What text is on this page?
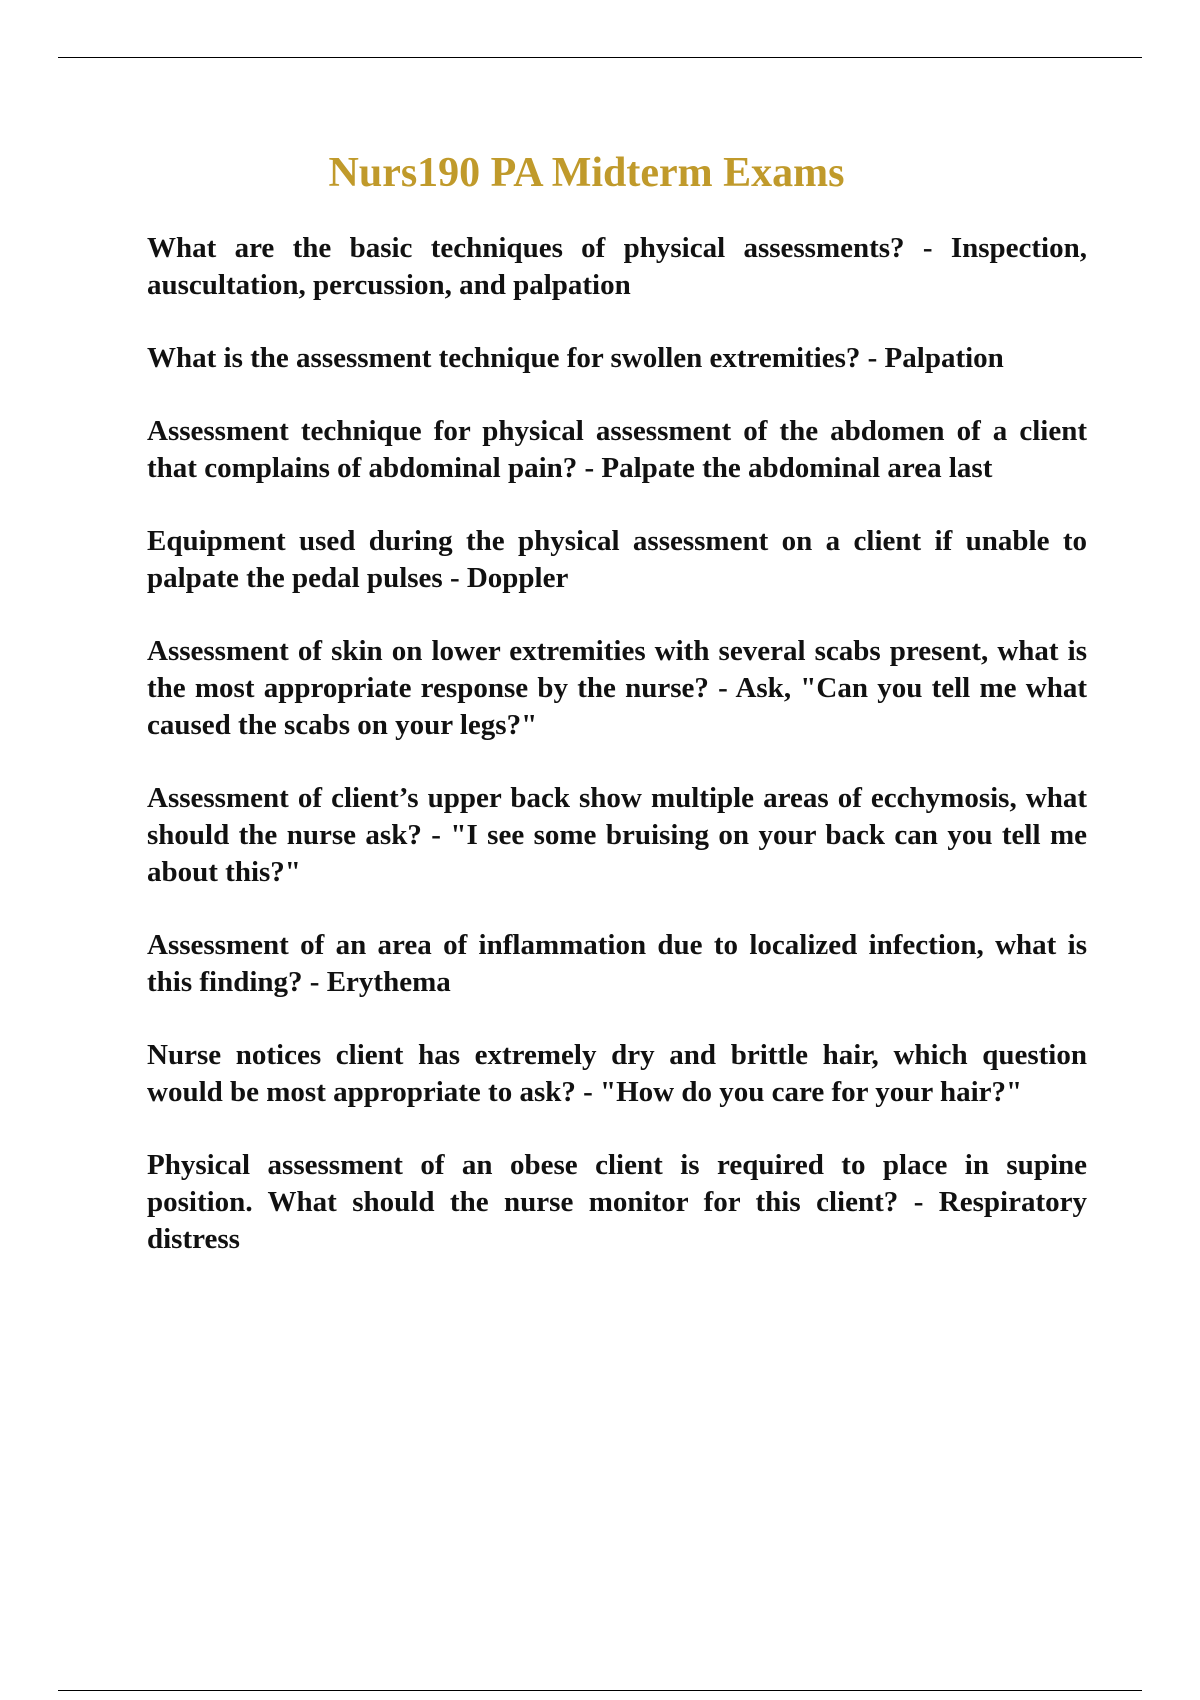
Nurs190 PA Midterm Exams

What are the basic techniques of physical assessments? - Inspection, auscultation, percussion, and palpation

What is the assessment technique for swollen extremities? - Palpation

Assessment technique for physical assessment of the abdomen of a client that complains of abdominal pain? - Palpate the abdominal area last

Equipment used during the physical assessment on a client if unable to palpate the pedal pulses - Doppler

Assessment of skin on lower extremities with several scabs present, what is the most appropriate response by the nurse? - Ask, "Can you tell me what caused the scabs on your legs?"

Assessment of client’s upper back show multiple areas of ecchymosis, what should the nurse ask? - "I see some bruising on your back can you tell me about this?"

Assessment of an area of inflammation due to localized infection, what is this finding? - Erythema

Nurse notices client has extremely dry and brittle hair, which question would be most appropriate to ask? - "How do you care for your hair?"

Physical assessment of an obese client is required to place in supine position. What should the nurse monitor for this client? - Respiratory distress
